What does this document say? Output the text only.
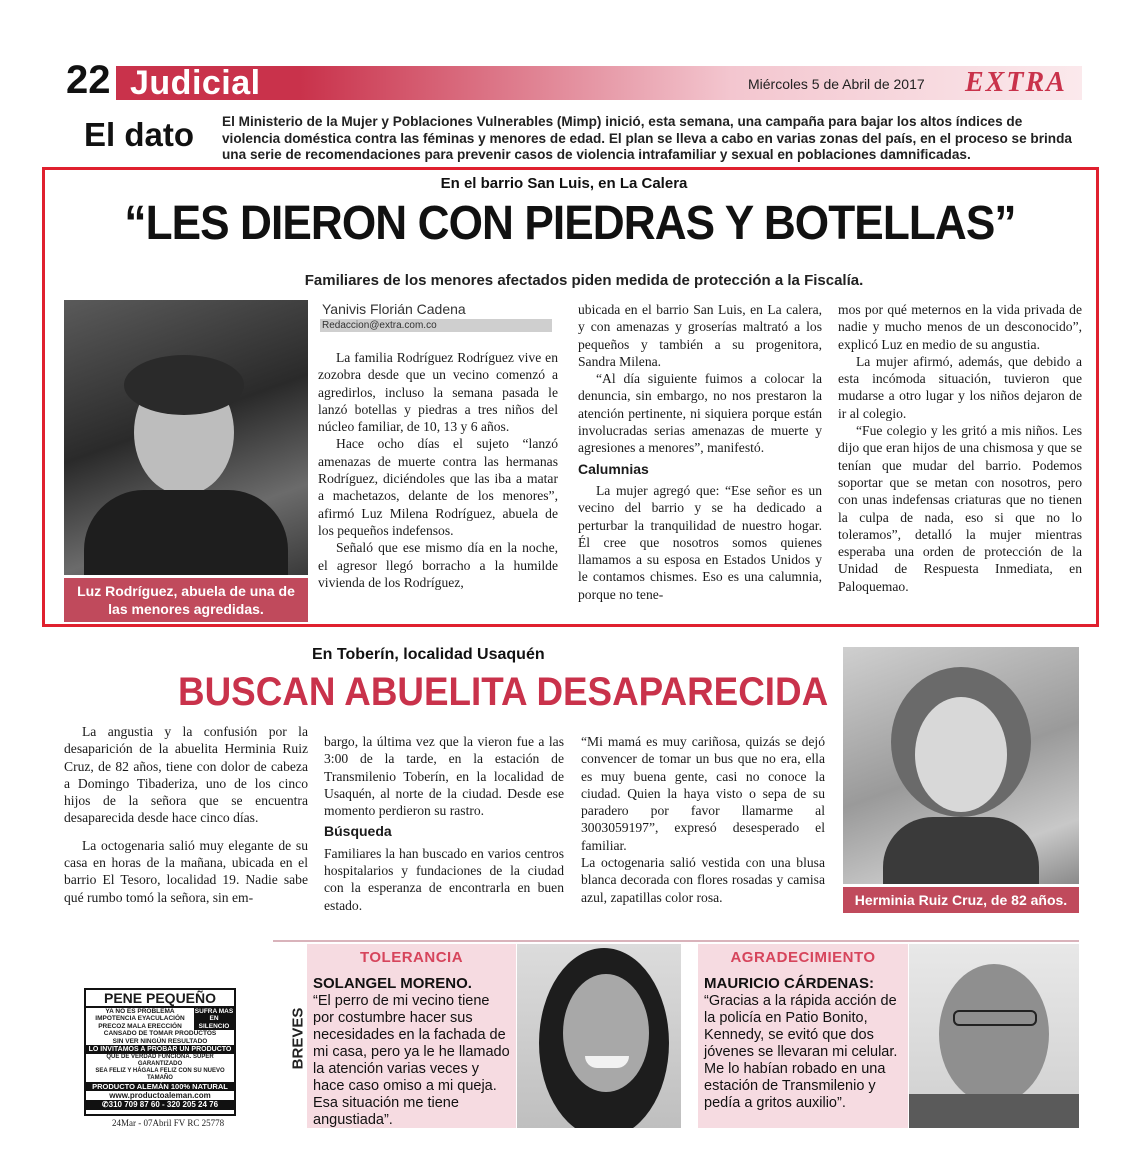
22 Judicial	Miércoles 5 de Abril de 2017 EXTRA
El dato El Ministerio de la Mujer y Poblaciones Vulnerables (Mimp) inició, esta semana, una campaña para bajar los altos índices de violencia doméstica contra las féminas y menores de edad. El plan se lleva a cabo en varias zonas del país, en el proceso se brinda una serie de recomendaciones para prevenir casos de violencia intrafamiliar y sexual en poblaciones damnificadas.
En el barrio San Luis, en La Calera
“LES DIERON CON PIEDRAS Y BOTELLAS”
Familiares de los menores afectados piden medida de protección a la Fiscalía.
Luz Rodríguez, abuela de una de las menores agredidas.
Yanivis Florián Cadena
Redaccion@extra.com.co

La familia Rodríguez Rodríguez vive en zozobra desde que un vecino comenzó a agredirlos, incluso la semana pasada le lanzó botellas y piedras a tres niños del núcleo familiar, de 10, 13 y 6 años.

Hace ocho días el sujeto “lanzó amenazas de muerte contra las hermanas Rodríguez, diciéndoles que las iba a matar a machetazos, delante de los menores”, afirmó Luz Milena Rodríguez, abuela de los pequeños indefensos.

Señaló que ese mismo día en la noche, el agresor llegó borracho a la humilde vivienda de los Rodríguez,

ubicada en el barrio San Luis, en La calera, y con amenazas y groserías maltrató a los pequeños y también a su progenitora, Sandra Milena.

“Al día siguiente fuimos a colocar la denuncia, sin embargo, no nos prestaron la atención pertinente, ni siquiera porque están involucradas serias amenazas de muerte y agresiones a menores”, manifestó.

Calumnias

La mujer agregó que: “Ese señor es un vecino del barrio y se ha dedicado a perturbar la tranquilidad de nuestro hogar. Él cree que nosotros somos quienes llamamos a su esposa en Estados Unidos y le contamos chismes. Eso es una calumnia, porque no tene-

mos por qué meternos en la vida privada de nadie y mucho menos de un desconocido”, explicó Luz en medio de su angustia.

La mujer afirmó, además, que debido a esta incómoda situación, tuvieron que mudarse a otro lugar y los niños dejaron de ir al colegio.

“Fue colegio y les gritó a mis niños. Les dijo que eran hijos de una chismosa y que se tenían que mudar del barrio. Podemos soportar que se metan con nosotros, pero con unas indefensas criaturas que no tienen la culpa de nada, eso si que no lo toleramos”, detalló la mujer mientras esperaba una orden de protección de la Unidad de Respuesta Inmediata, en Paloquemao.

En Toberín, localidad Usaquén
BUSCAN ABUELITA DESAPARECIDA

La angustia y la confusión por la desaparición de la abuelita Herminia Ruiz Cruz, de 82 años, tiene con dolor de cabeza a Domingo Tibaderiza, uno de los cinco hijos de la señora que se encuentra desaparecida desde hace cinco días.

La octogenaria salió muy elegante de su casa en horas de la mañana, ubicada en el barrio El Tesoro, localidad 19. Nadie sabe qué rumbo tomó la señora, sin em-

bargo, la última vez que la vieron fue a las 3:00 de la tarde, en la estación de Transmilenio Toberín, en la localidad de Usaquén, al norte de la ciudad. Desde ese momento perdieron su rastro.

Búsqueda

Familiares la han buscado en varios centros hospitalarios y fundaciones de la ciudad con la esperanza de encontrarla en buen estado.

“Mi mamá es muy cariñosa, quizás se dejó convencer de tomar un bus que no era, ella es muy buena gente, casi no conoce la ciudad. Quien la haya visto o sepa de su paradero por favor llamarme al 3003059197”, expresó desesperado el familiar.

La octogenaria salió vestida con una blusa blanca decorada con flores rosadas y camisa azul, zapatillas color rosa.	Herminia Ruiz Cruz, de 82 años.
PENE PEQUEÑO
YA NO ES PROBLEMA
IMPOTENCIA EYACULACIÓN
PRECOZ MALA ERECCIÓN
SUFRA MAS
EN SILENCIO
CANSADO DE TOMAR PRODUCTOS
SIN VER NINGÚN RESULTADO
LO INVITAMOS A PROBAR UN PRODUCTO
QUE DE VERDAD FUNCIONA. SUPER GARANTIZADO
SEA FELIZ Y HÁGALA FELIZ CON SU NUEVO TAMAÑO
PRODUCTO ALEMÁN 100% NATURAL
www.productoaleman.com
✆310 709 87 60 - 320 205 24 76
24Mar - 07Abril FV RC 25778
BREVES
TOLERANCIA
SOLANGEL MORENO.
“El perro de mi vecino tiene por costumbre hacer sus necesidades en la fachada de mi casa, pero ya le he llamado la atención varias veces y hace caso omiso a mi queja. Esa situación me tiene angustiada”.
AGRADECIMIENTO
MAURICIO CÁRDENAS:
“Gracias a la rápida acción de la policía en Patio Bonito, Kennedy, se evitó que dos jóvenes se llevaran mi celular. Me lo habían robado en una estación de Transmilenio y pedía a gritos auxilio”.
